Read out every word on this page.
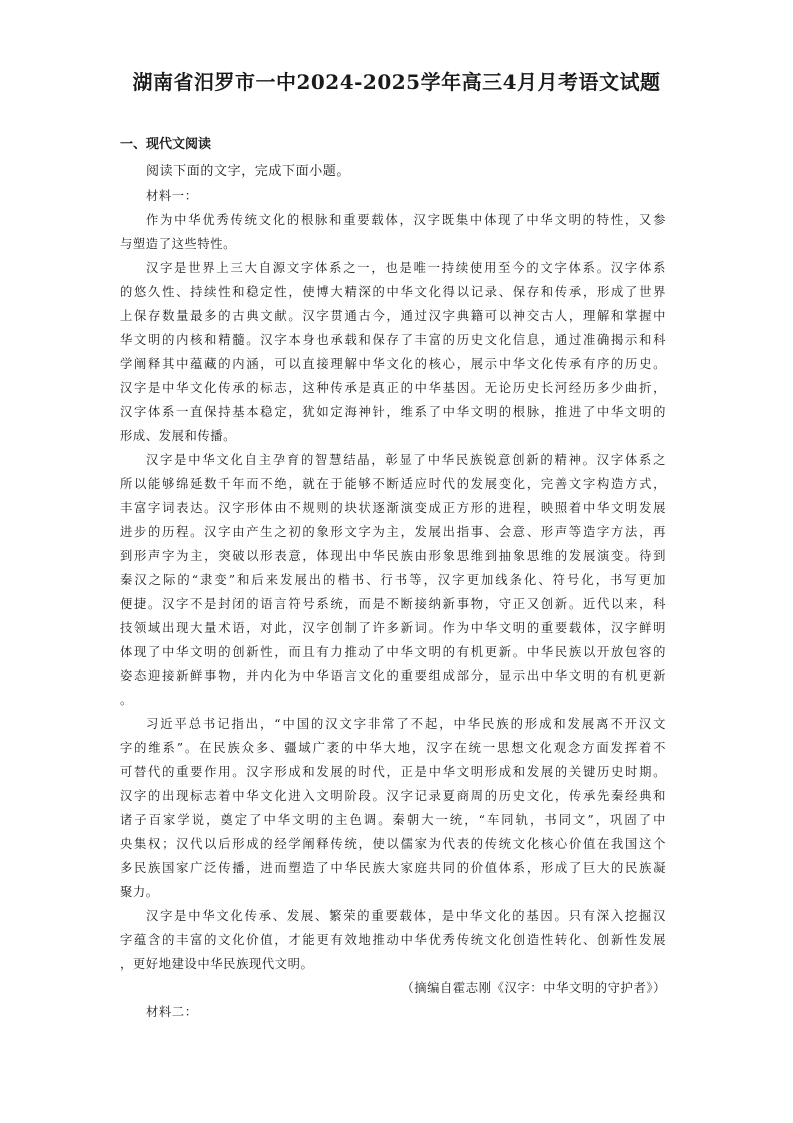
湖南省汨罗市一中2024-2025学年高三4月月考语文试题
一、现代文阅读
阅读下面的文字，完成下面小题。
材料一：
作为中华优秀传统文化的根脉和重要载体，汉字既集中体现了中华文明的特性，又参
与塑造了这些特性。
汉字是世界上三大自源文字体系之一，也是唯一持续使用至今的文字体系。汉字体系
的悠久性、持续性和稳定性，使博大精深的中华文化得以记录、保存和传承，形成了世界
上保存数量最多的古典文献。汉字贯通古今，通过汉字典籍可以神交古人，理解和掌握中
华文明的内核和精髓。汉字本身也承载和保存了丰富的历史文化信息，通过准确揭示和科
学阐释其中蕴藏的内涵，可以直接理解中华文化的核心，展示中华文化传承有序的历史。
汉字是中华文化传承的标志，这种传承是真正的中华基因。无论历史长河经历多少曲折，
汉字体系一直保持基本稳定，犹如定海神针，维系了中华文明的根脉，推进了中华文明的
形成、发展和传播。
汉字是中华文化自主孕育的智慧结晶，彰显了中华民族锐意创新的精神。汉字体系之
所以能够绵延数千年而不绝，就在于能够不断适应时代的发展变化，完善文字构造方式，
丰富字词表达。汉字形体由不规则的块状逐渐演变成正方形的进程，映照着中华文明发展
进步的历程。汉字由产生之初的象形文字为主，发展出指事、会意、形声等造字方法，再
到形声字为主，突破以形表意，体现出中华民族由形象思维到抽象思维的发展演变。待到
秦汉之际的“隶变”和后来发展出的楷书、行书等，汉字更加线条化、符号化，书写更加
便捷。汉字不是封闭的语言符号系统，而是不断接纳新事物，守正又创新。近代以来，科
技领域出现大量术语，对此，汉字创制了许多新词。作为中华文明的重要载体，汉字鲜明
体现了中华文明的创新性，而且有力推动了中华文明的有机更新。中华民族以开放包容的
姿态迎接新鲜事物，并内化为中华语言文化的重要组成部分，显示出中华文明的有机更新
。
习近平总书记指出，“中国的汉文字非常了不起，中华民族的形成和发展离不开汉文
字的维系”。在民族众多、疆域广袤的中华大地，汉字在统一思想文化观念方面发挥着不
可替代的重要作用。汉字形成和发展的时代，正是中华文明形成和发展的关键历史时期。
汉字的出现标志着中华文化进入文明阶段。汉字记录夏商周的历史文化，传承先秦经典和
诸子百家学说，奠定了中华文明的主色调。秦朝大一统，“车同轨，书同文”，巩固了中
央集权；汉代以后形成的经学阐释传统，使以儒家为代表的传统文化核心价值在我国这个
多民族国家广泛传播，进而塑造了中华民族大家庭共同的价值体系，形成了巨大的民族凝
聚力。
汉字是中华文化传承、发展、繁荣的重要载体，是中华文化的基因。只有深入挖掘汉
字蕴含的丰富的文化价值，才能更有效地推动中华优秀传统文化创造性转化、创新性发展
，更好地建设中华民族现代文明。
（摘编自霍志刚《汉字：中华文明的守护者》）
材料二：
